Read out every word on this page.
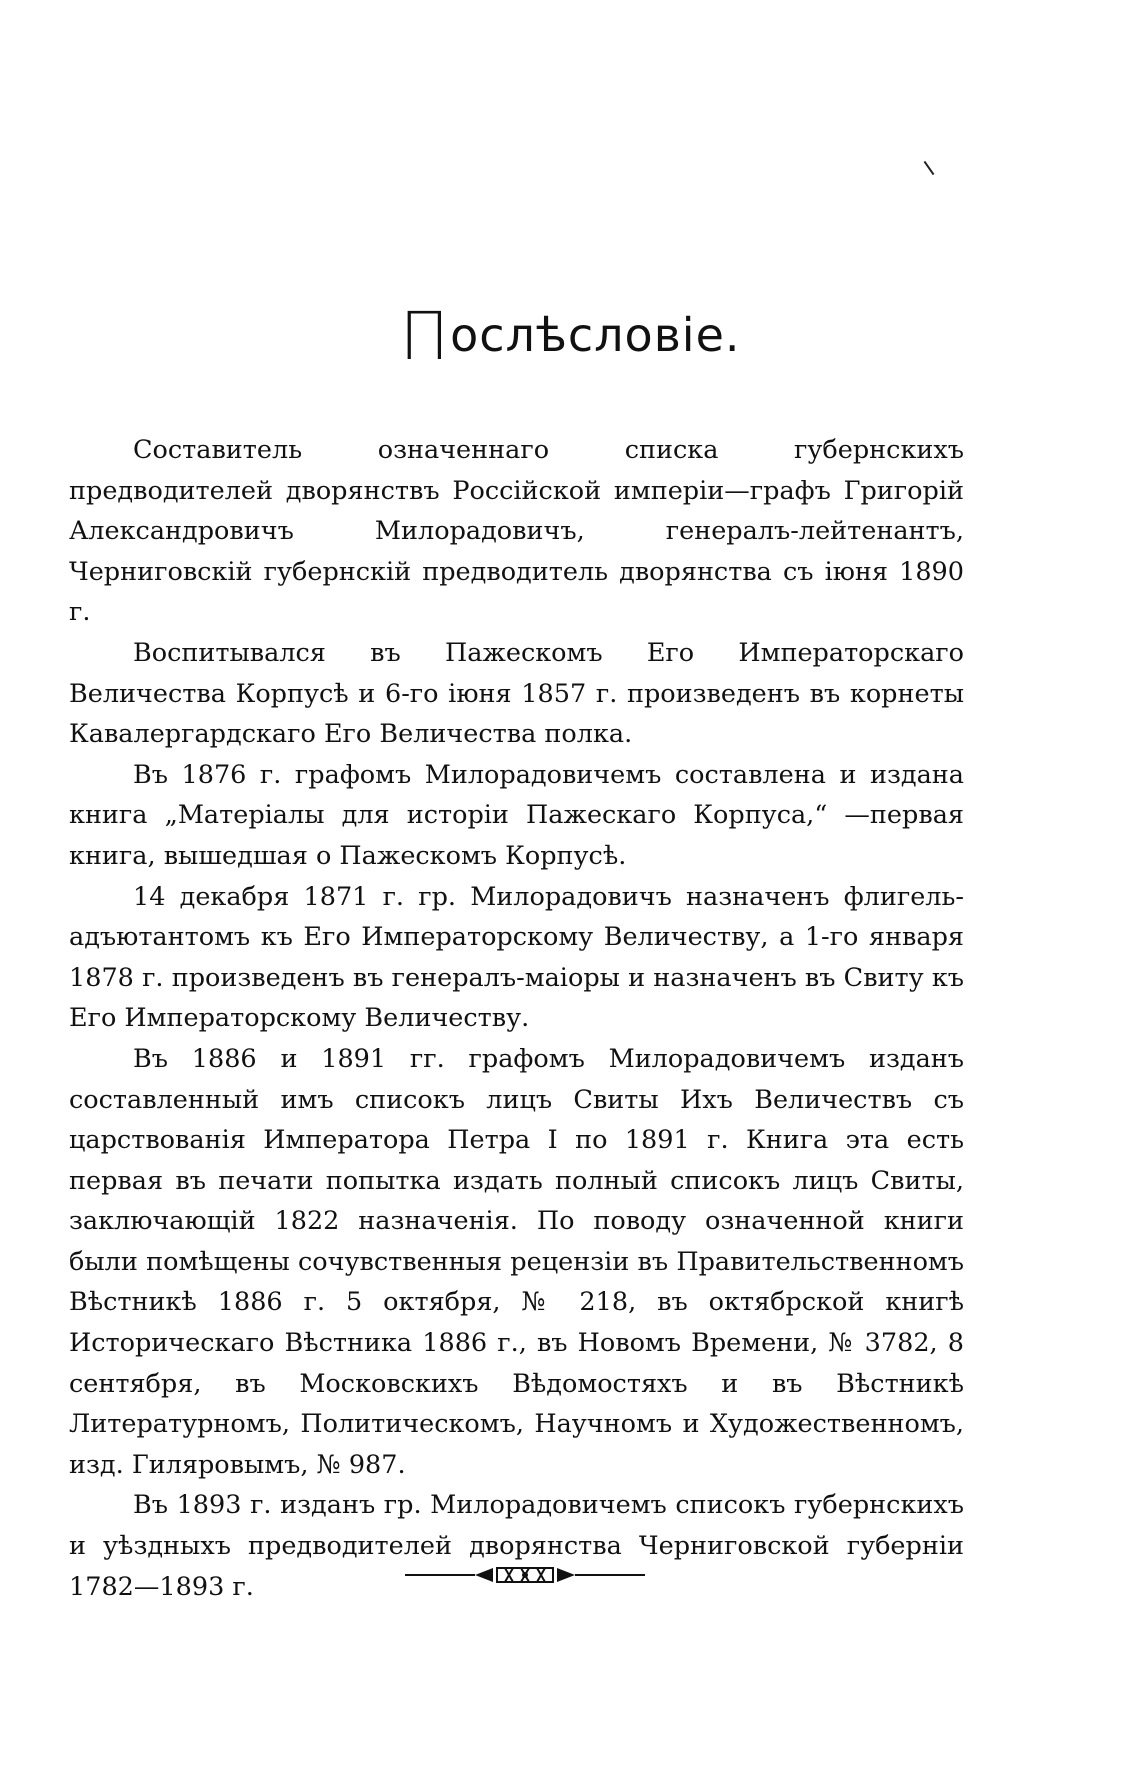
Послѣсловіе.

Составитель означеннаго списка губернскихъ предводителей дворянствъ Россійской имперіи—графъ Григорій Александровичъ Милорадовичъ, генералъ-лейтенантъ, Черниговскій губернскій предводитель дворянства съ іюня 1890 г.

Воспитывался въ Пажескомъ Его Императорскаго Величества Корпусѣ и 6-го іюня 1857 г. произведенъ въ корнеты Кавалергардскаго Его Величества полка.

Въ 1876 г. графомъ Милорадовичемъ составлена и издана книга „Матеріалы для исторіи Пажескаго Корпуса,“ —первая книга, вышедшая о Пажескомъ Корпусѣ.

14 декабря 1871 г. гр. Милорадовичъ назначенъ флигель-адъютантомъ къ Его Императорскому Величеству, а 1-го января 1878 г. произведенъ въ генералъ-маіоры и назначенъ въ Свиту къ Его Императорскому Величеству.

Въ 1886 и 1891 гг. графомъ Милорадовичемъ изданъ составленный имъ списокъ лицъ Свиты Ихъ Величествъ съ царствованія Императора Петра I по 1891 г. Книга эта есть первая въ печати попытка издать полный списокъ лицъ Свиты, заключающій 1822 назначенія. По поводу означенной книги были помѣщены сочувственныя рецензіи въ Правительственномъ Вѣстникѣ 1886 г. 5 октября, № 218, въ октябрской книгѣ Историческаго Вѣстника 1886 г., въ Новомъ Времени, № 3782, 8 сентября, въ Московскихъ Вѣдомостяхъ и въ Вѣстникѣ Литературномъ, Политическомъ, Научномъ и Художественномъ, изд. Гиляровымъ, № 987.

Въ 1893 г. изданъ гр. Милорадовичемъ списокъ губернскихъ и уѣздныхъ предводителей дворянства Черниговской губерніи 1782—1893 г.
